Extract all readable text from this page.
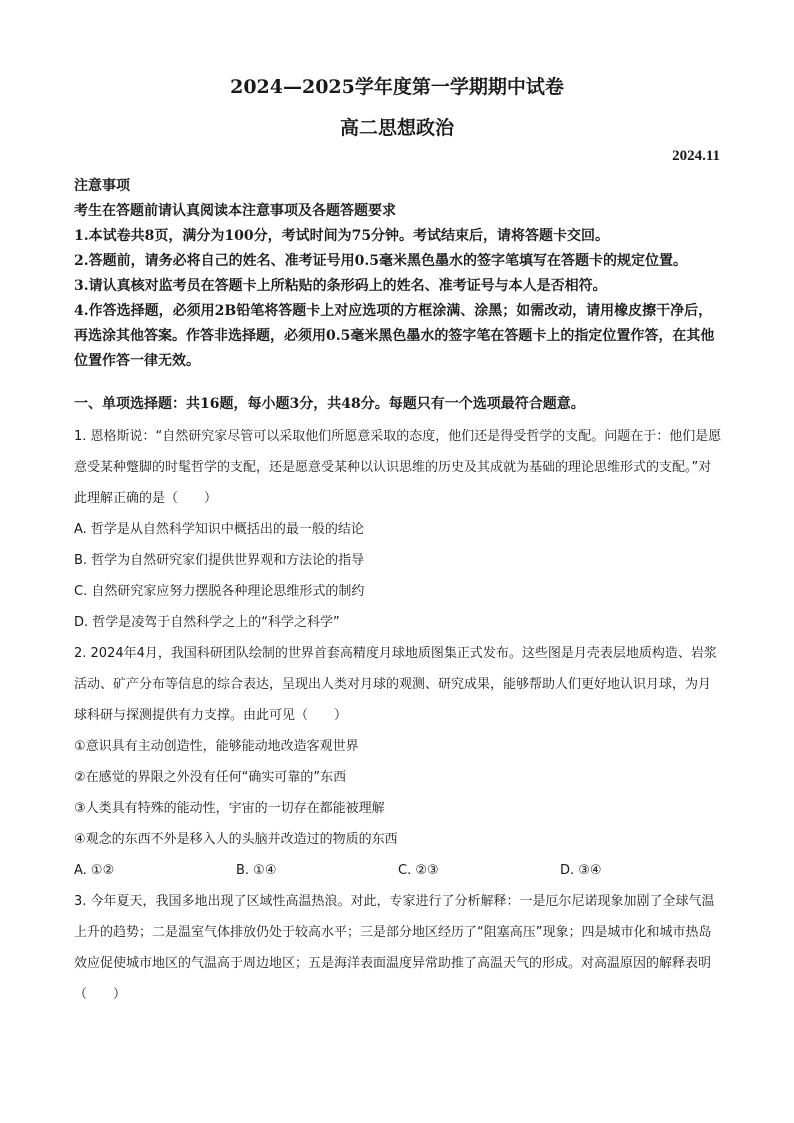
2024—2025学年度第一学期期中试卷
高二思想政治
2024.11

注意事项

考生在答题前请认真阅读本注意事项及各题答题要求

1.本试卷共8页，满分为100分，考试时间为75分钟。考试结束后，请将答题卡交回。

2.答题前，请务必将自己的姓名、准考证号用0.5毫米黑色墨水的签字笔填写在答题卡的规定位置。

3.请认真核对监考员在答题卡上所粘贴的条形码上的姓名、准考证号与本人是否相符。

4.作答选择题，必须用2B铅笔将答题卡上对应选项的方框涂满、涂黑；如需改动，请用橡皮擦干净后，再选涂其他答案。作答非选择题，必须用0.5毫米黑色墨水的签字笔在答题卡上的指定位置作答，在其他位置作答一律无效。

一、单项选择题：共16题，每小题3分，共48分。每题只有一个选项最符合题意。

1. 恩格斯说：“自然研究家尽管可以采取他们所愿意采取的态度，他们还是得受哲学的支配。问题在于：他们是愿意受某种蹩脚的时髦哲学的支配，还是愿意受某种以认识思维的历史及其成就为基础的理论思维形式的支配。”对此理解正确的是（　　）

A. 哲学是从自然科学知识中概括出的最一般的结论

B. 哲学为自然研究家们提供世界观和方法论的指导

C. 自然研究家应努力摆脱各种理论思维形式的制约

D. 哲学是凌驾于自然科学之上的“科学之科学”

2. 2024年4月，我国科研团队绘制的世界首套高精度月球地质图集正式发布。这些图是月壳表层地质构造、岩浆活动、矿产分布等信息的综合表达，呈现出人类对月球的观测、研究成果，能够帮助人们更好地认识月球，为月球科研与探测提供有力支撑。由此可见（　　）

①意识具有主动创造性，能够能动地改造客观世界

②在感觉的界限之外没有任何“确实可靠的”东西

③人类具有特殊的能动性，宇宙的一切存在都能被理解

④观念的东西不外是移入人的头脑并改造过的物质的东西

A. ①②	B. ①④	C. ②③	D. ③④

3. 今年夏天，我国多地出现了区域性高温热浪。对此，专家进行了分析解释：一是厄尔尼诺现象加剧了全球气温上升的趋势；二是温室气体排放仍处于较高水平；三是部分地区经历了“阻塞高压”现象；四是城市化和城市热岛效应促使城市地区的气温高于周边地区；五是海洋表面温度异常助推了高温天气的形成。对高温原因的解释表明（　　）
